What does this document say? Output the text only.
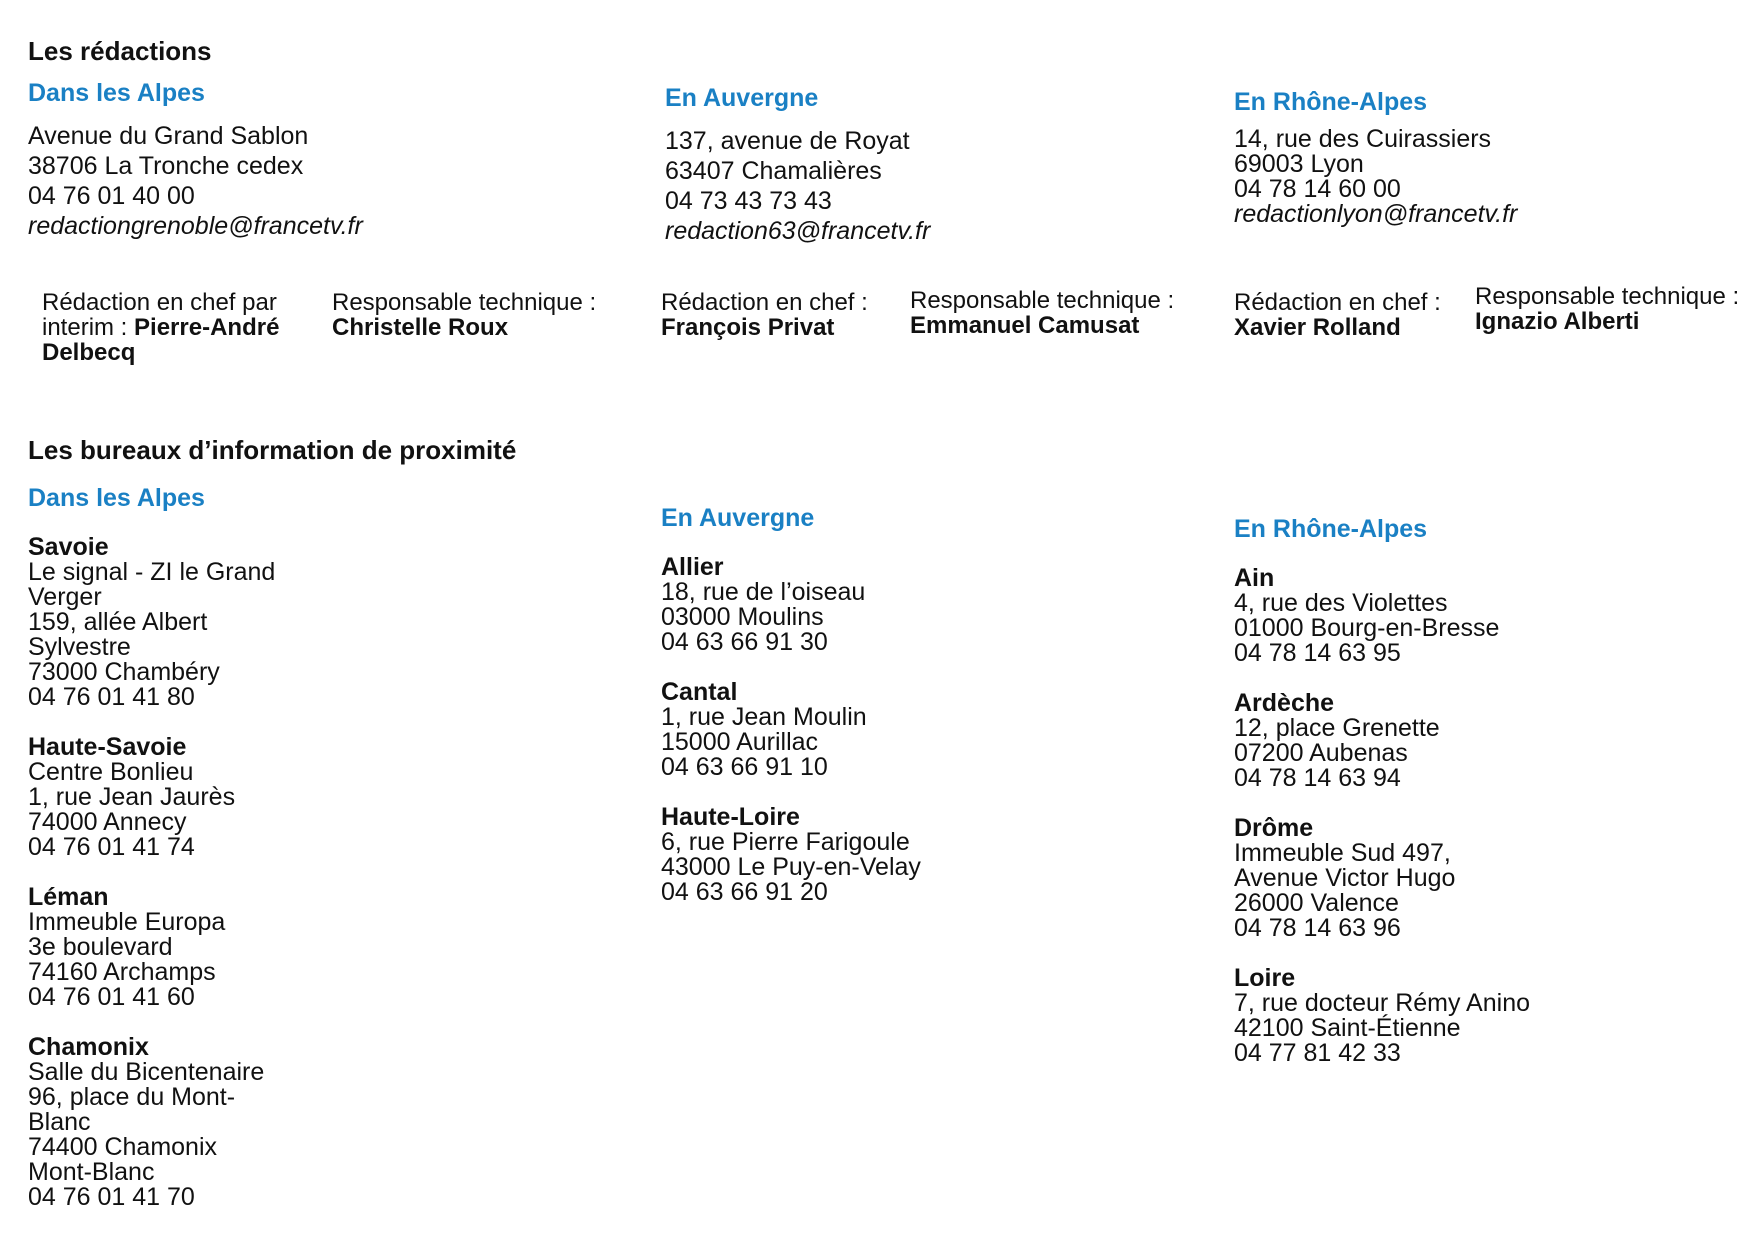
Les rédactions
Dans les Alpes
Avenue du Grand Sablon
38706 La Tronche cedex
04 76 01 40 00
redactiongrenoble@francetv.fr
En Auvergne
137, avenue de Royat
63407 Chamalières
04 73 43 73 43
redaction63@francetv.fr
En Rhône-Alpes
14, rue des Cuirassiers
69003 Lyon
04 78 14 60 00
redactionlyon@francetv.fr
Rédaction en chef par interim : Pierre-André Delbecq
Responsable technique :
Christelle Roux
Rédaction en chef :
François Privat
Responsable technique :
Emmanuel Camusat
Rédaction en chef :
Xavier Rolland
Responsable technique :
Ignazio Alberti
Les bureaux d’information de proximité
Dans les Alpes
Savoie
Le signal - ZI le Grand
Verger
159, allée Albert
Sylvestre
73000 Chambéry
04 76 01 41 80
Haute-Savoie
Centre Bonlieu
1, rue Jean Jaurès
74000 Annecy
04 76 01 41 74
Léman
Immeuble Europa
3e boulevard
74160 Archamps
04 76 01 41 60
Chamonix
Salle du Bicentenaire
96, place du Mont-
Blanc
74400 Chamonix
Mont-Blanc
04 76 01 41 70
En Auvergne
Allier
18, rue de l’oiseau
03000 Moulins
04 63 66 91 30
Cantal
1, rue Jean Moulin
15000 Aurillac
04 63 66 91 10
Haute-Loire
6, rue Pierre Farigoule
43000 Le Puy-en-Velay
04 63 66 91 20
En Rhône-Alpes
Ain
4, rue des Violettes
01000 Bourg-en-Bresse
04 78 14 63 95
Ardèche
12, place Grenette
07200 Aubenas
04 78 14 63 94
Drôme
Immeuble Sud 497,
Avenue Victor Hugo
26000 Valence
04 78 14 63 96
Loire
7, rue docteur Rémy Anino
42100 Saint-Étienne
04 77 81 42 33
